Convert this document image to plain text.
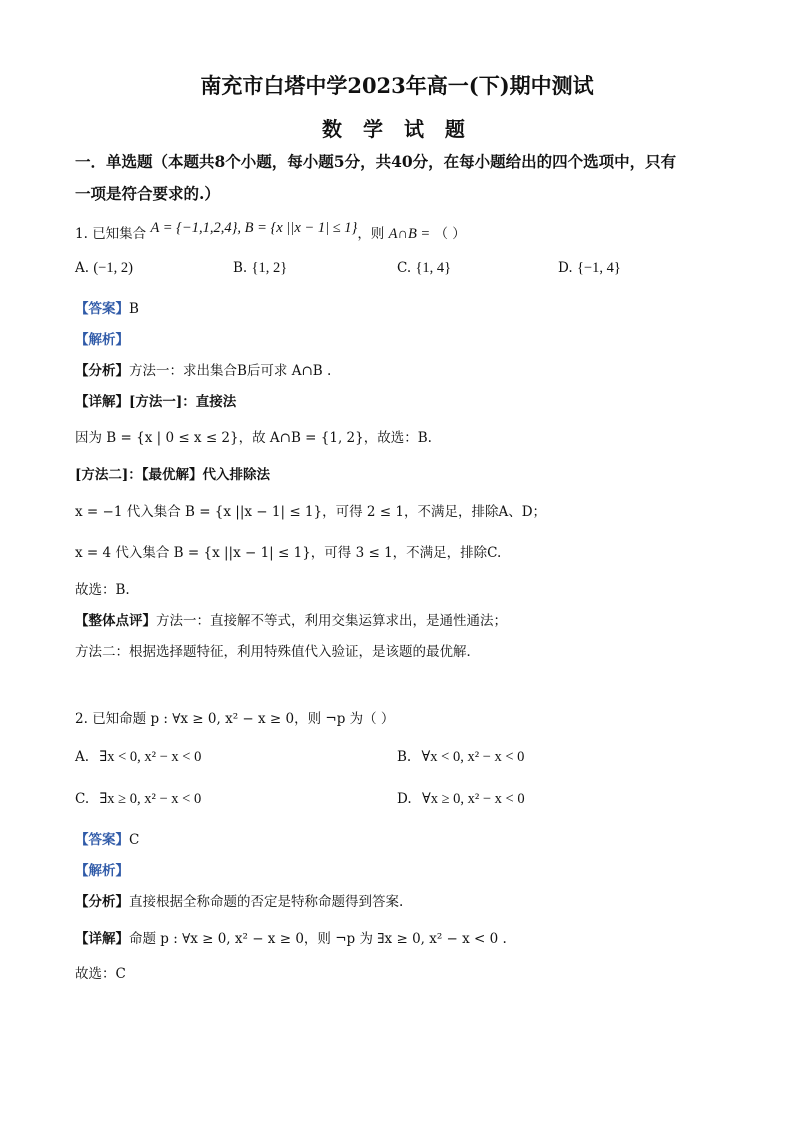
南充市白塔中学2023年高一(下)期中测试
数 学 试 题
一．单选题（本题共8个小题，每小题5分，共40分，在每小题给出的四个选项中，只有
一项是符合要求的.）
1. 已知集合 A = {−1,1,2,4}, B = {x ||x − 1| ≤ 1}，则 A∩B = （ ）
A. (−1, 2)	B. {1, 2}	C. {1, 4}	D. {−1, 4}
【答案】B
【解析】
【分析】方法一：求出集合B后可求 A∩B .
【详解】[方法一]：直接法
因为 B = {x | 0 ≤ x ≤ 2}，故 A∩B = {1, 2}，故选：B.
[方法二]：【最优解】代入排除法
x = −1 代入集合 B = {x ||x − 1| ≤ 1}，可得 2 ≤ 1，不满足，排除A、D；
x = 4 代入集合 B = {x ||x − 1| ≤ 1}，可得 3 ≤ 1，不满足，排除C.
故选：B.
【整体点评】方法一：直接解不等式，利用交集运算求出，是通性通法；
方法二：根据选择题特征，利用特殊值代入验证，是该题的最优解．
2. 已知命题 p : ∀x ≥ 0, x² − x ≥ 0，则 ¬p 为（ ）
A. ∃x < 0, x² − x < 0	B. ∀x < 0, x² − x < 0
C. ∃x ≥ 0, x² − x < 0	D. ∀x ≥ 0, x² − x < 0
【答案】C
【解析】
【分析】直接根据全称命题的否定是特称命题得到答案.
【详解】命题 p : ∀x ≥ 0, x² − x ≥ 0，则 ¬p 为 ∃x ≥ 0, x² − x < 0 .
故选：C
